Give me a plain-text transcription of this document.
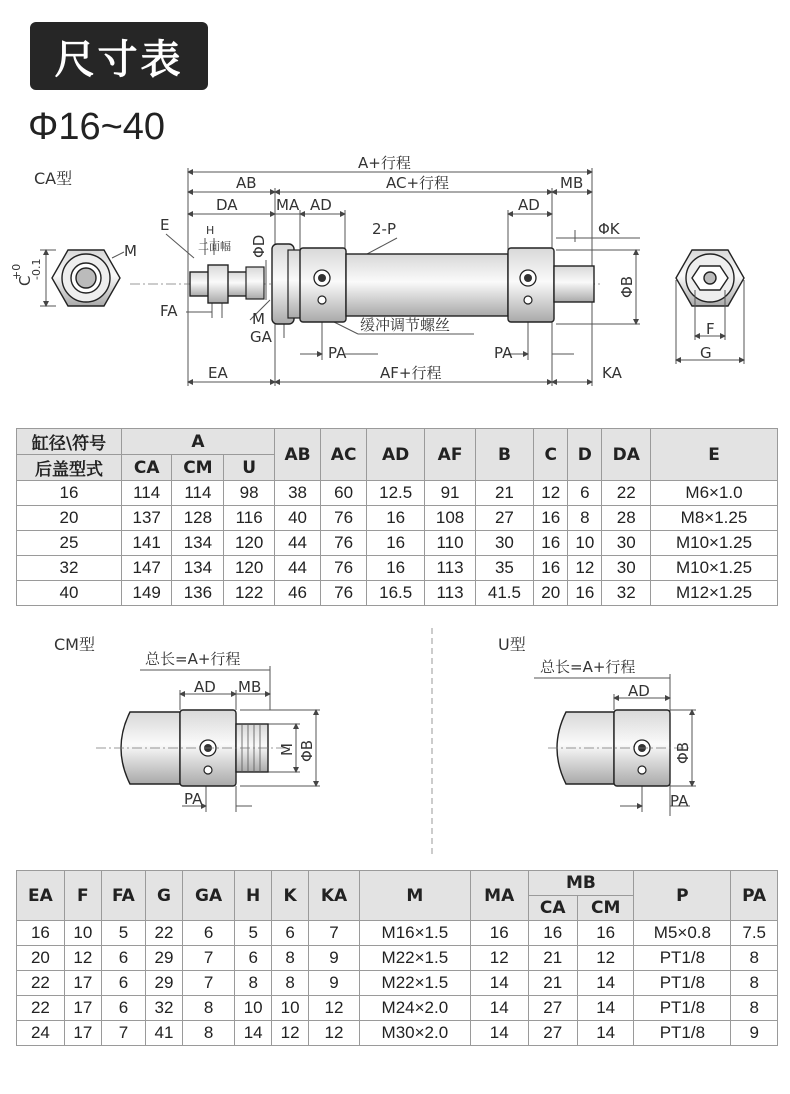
尺寸表
Φ16~40
CA型
A+行程
AB	AC+行程	MB
DA	MA AD	AD
2-P	ΦK
E	H
二面幅 ΦD
M
M
C
+0 -0.1
FA
GA
PA	PA
缓冲调节螺丝
ΦB
F
G
EA	AF+行程	KA
缸径\符号	A			AB	AC	AD	AF	B	C	D	DA	E
后盖型式	CA	CM	U									
16	114	114	98	38	60	12.5	91	21	12	6	22	M6×1.0
20	137	128	116	40	76	16	108	27	16	8	28	M8×1.25
25	141	134	120	44	76	16	110	30	16	10	30	M10×1.25
32	147	134	120	44	76	16	113	35	16	12	30	M10×1.25
40	149	136	122	46	76	16.5	113	41.5	20	16	32	M12×1.25
CM型
总长=A+行程
AD MB
M ΦB
PA
U型
总长=A+行程
AD
ΦB
PA
EA	F	FA	G	GA	H	K	KA	M	MA	MB		P	PA
										CA	CM		
16	10	5	22	6	5	6	7	M16×1.5	16	16	16	M5×0.8	7.5
20	12	6	29	7	6	8	9	M22×1.5	12	21	12	PT1/8	8
22	17	6	29	7	8	8	9	M22×1.5	14	21	14	PT1/8	8
22	17	6	32	8	10	10	12	M24×2.0	14	27	14	PT1/8	8
24	17	7	41	8	14	12	12	M30×2.0	14	27	14	PT1/8	9
